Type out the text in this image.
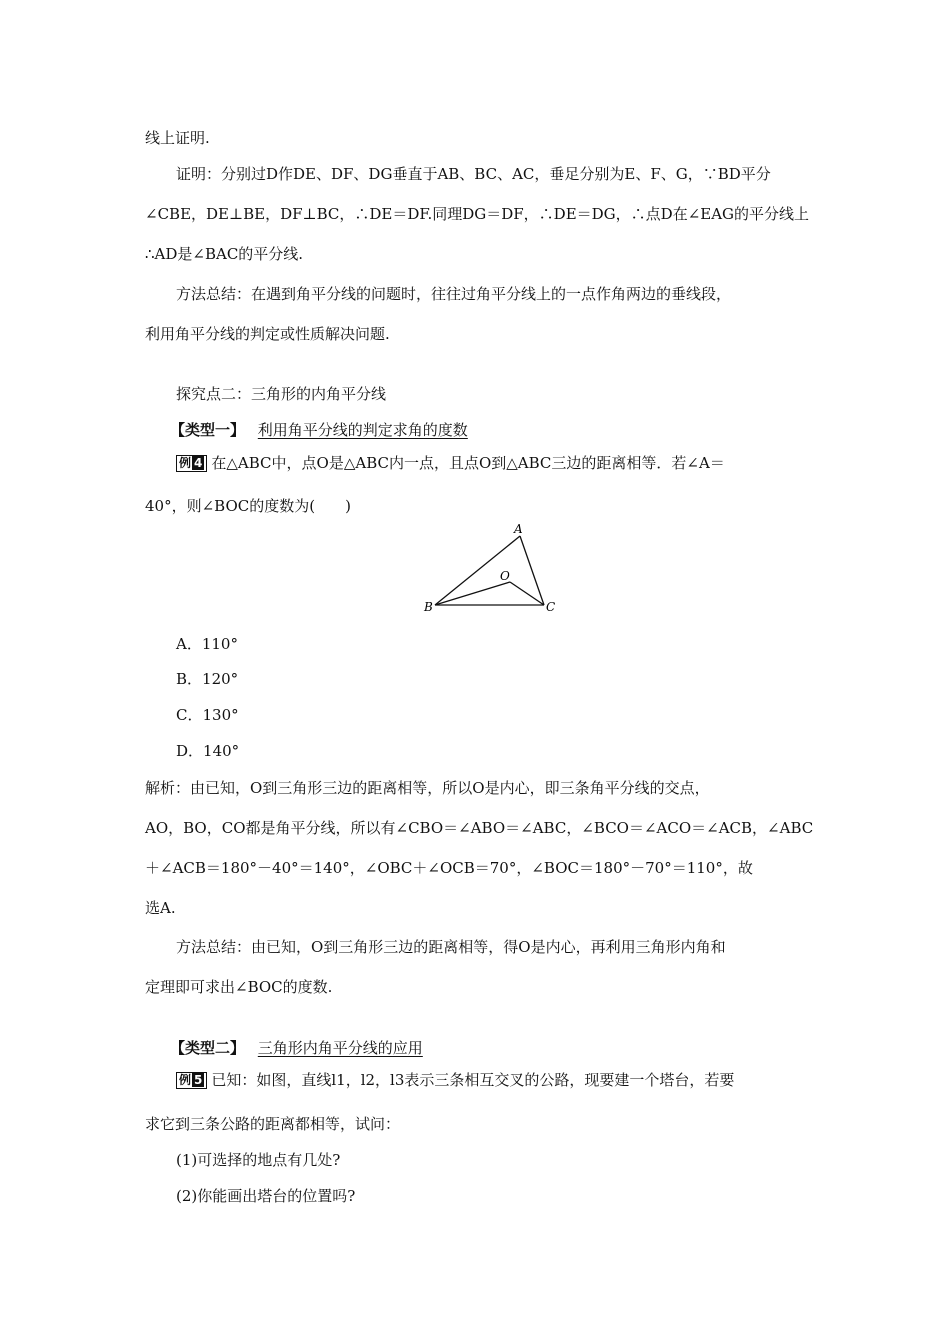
线上证明.
证明：分别过D作DE、DF、DG垂直于AB、BC、AC，垂足分别为E、F、G，∵BD平分
∠CBE，DE⊥BE，DF⊥BC，∴DE＝DF.同理DG＝DF，∴DE＝DG，∴点D在∠EAG的平分线上
∴AD是∠BAC的平分线.
方法总结：在遇到角平分线的问题时，往往过角平分线上的一点作角两边的垂线段，
利用角平分线的判定或性质解决问题.
探究点二：三角形的内角平分线
【类型一】 利用角平分线的判定求角的度数
例 4 在△ABC中，点O是△ABC内一点，且点O到△ABC三边的距离相等．若∠A＝
40°，则∠BOC的度数为(　　)
A
O
B	C
A．110°
B．120°
C．130°
D．140°
解析：由已知，O到三角形三边的距离相等，所以O是内心，即三条角平分线的交点，
AO，BO，CO都是角平分线，所以有∠CBO＝∠ABO＝∠ABC，∠BCO＝∠ACO＝∠ACB，∠ABC
＋∠ACB＝180°－40°＝140°，∠OBC＋∠OCB＝70°，∠BOC＝180°－70°＝110°，故
选A.
方法总结：由已知，O到三角形三边的距离相等，得O是内心，再利用三角形内角和
定理即可求出∠BOC的度数.
【类型二】 三角形内角平分线的应用
例 5 已知：如图，直线l1，l2，l3表示三条相互交叉的公路，现要建一个塔台，若要
求它到三条公路的距离都相等，试问：
(1)可选择的地点有几处?
(2)你能画出塔台的位置吗?
